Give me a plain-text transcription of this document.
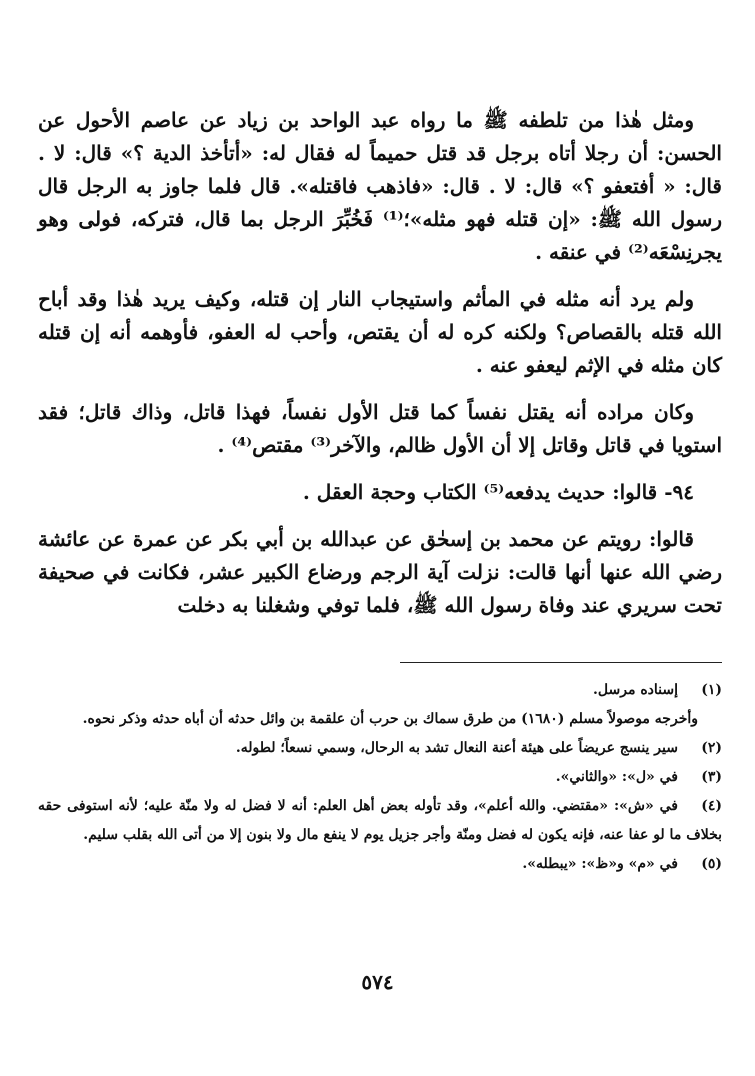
ومثل هٰذا من تلطفه ﷺ ما رواه عبد الواحد بن زياد عن عاصم الأحول عن الحسن: أن رجلا أتاه برجل قد قتل حميماً له فقال له: «أتأخذ الدية ؟» قال: لا . قال: « أفتعفو ؟» قال: لا . قال: «فاذهب فاقتله». قال فلما جاوز به الرجل قال رسول الله ﷺ: «إن قتله فهو مثله»؛⁽¹⁾ فَخُبِّرَ الرجل بما قال، فتركه، فولى وهو يجرنِسْعَه⁽²⁾ في عنقه .

ولم يرد أنه مثله في المأثم واستيجاب النار إن قتله، وكيف يريد هٰذا وقد أباح الله قتله بالقصاص؟ ولكنه كره له أن يقتص، وأحب له العفو، فأوهمه أنه إن قتله كان مثله في الإثم ليعفو عنه .

وكان مراده أنه يقتل نفساً كما قتل الأول نفساً، فهذا قاتل، وذاك قاتل؛ فقد استويا في قاتل وقاتل إلا أن الأول ظالم، والآخر⁽³⁾ مقتص⁽⁴⁾ .

٩٤- قالوا: حديث يدفعه⁽⁵⁾ الكتاب وحجة العقل .

قالوا: رويتم عن محمد بن إسحٰق عن عبدالله بن أبي بكر عن عمرة عن عائشة رضي الله عنها أنها قالت: نزلت آية الرجم ورضاع الكبير عشر، فكانت في صحيفة تحت سريري عند وفاة رسول الله ﷺ، فلما توفي وشغلنا به دخلت

(١)إسناده مرسل.

وأخرجه موصولاً مسلم (١٦٨٠) من طرق سماك بن حرب أن علقمة بن وائل حدثه أن أباه حدثه وذكر نحوه.

(٢)سير ينسج عريضاً على هيئة أعنة النعال تشد به الرحال، وسمي نسعاً؛ لطوله.

(٣)في «ل»: «والثاني».

(٤)في «ش»: «مقتضي. والله أعلم»، وقد تأوله بعض أهل العلم: أنه لا فضل له ولا منّة عليه؛ لأنه استوفى حقه بخلاف ما لو عفا عنه، فإنه يكون له فضل ومنّة وأجر جزيل يوم لا ينفع مال ولا بنون إلا من أتى الله بقلب سليم.

(٥)في «م» و«ظ»: «يبطله».

٥٧٤
